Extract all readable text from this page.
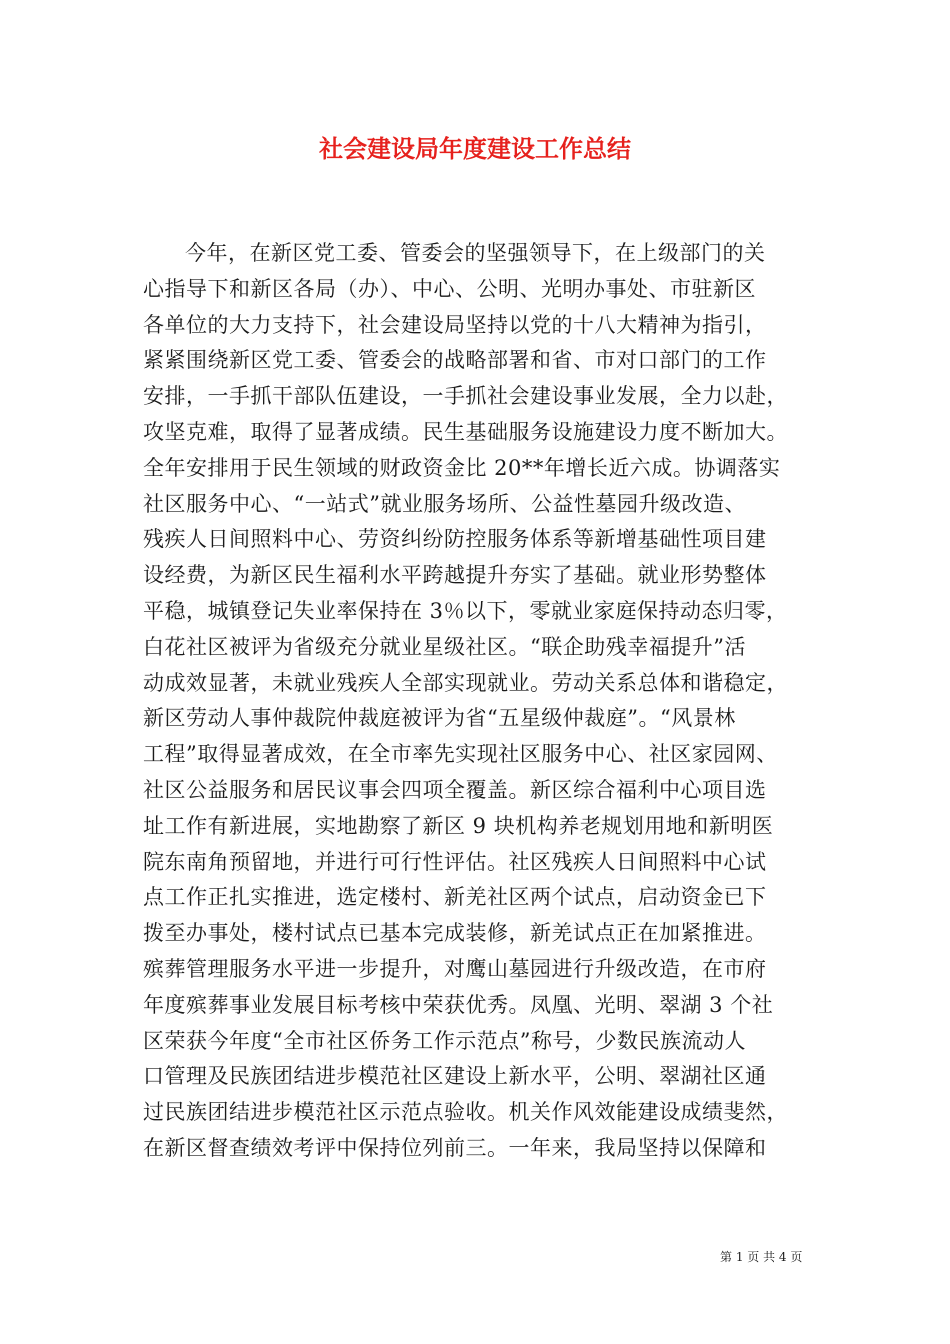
社会建设局年度建设工作总结
今年，在新区党工委、管委会的坚强领导下，在上级部门的关
心指导下和新区各局（办）、中心、公明、光明办事处、市驻新区
各单位的大力支持下，社会建设局坚持以党的十八大精神为指引，
紧紧围绕新区党工委、管委会的战略部署和省、市对口部门的工作
安排，一手抓干部队伍建设，一手抓社会建设事业发展，全力以赴，
攻坚克难，取得了显著成绩。民生基础服务设施建设力度不断加大。
全年安排用于民生领域的财政资金比 20**年增长近六成。协调落实
社区服务中心、“一站式”就业服务场所、公益性墓园升级改造、
残疾人日间照料中心、劳资纠纷防控服务体系等新增基础性项目建
设经费，为新区民生福利水平跨越提升夯实了基础。就业形势整体
平稳，城镇登记失业率保持在 3％以下，零就业家庭保持动态归零，
白花社区被评为省级充分就业星级社区。“联企助残幸福提升”活
动成效显著，未就业残疾人全部实现就业。劳动关系总体和谐稳定，
新区劳动人事仲裁院仲裁庭被评为省“五星级仲裁庭”。“风景林
工程”取得显著成效，在全市率先实现社区服务中心、社区家园网、
社区公益服务和居民议事会四项全覆盖。新区综合福利中心项目选
址工作有新进展，实地勘察了新区 9 块机构养老规划用地和新明医
院东南角预留地，并进行可行性评估。社区残疾人日间照料中心试
点工作正扎实推进，选定楼村、新羌社区两个试点，启动资金已下
拨至办事处，楼村试点已基本完成装修，新羌试点正在加紧推进。
殡葬管理服务水平进一步提升，对鹰山墓园进行升级改造，在市府
年度殡葬事业发展目标考核中荣获优秀。凤凰、光明、翠湖 3 个社
区荣获今年度“全市社区侨务工作示范点”称号，少数民族流动人
口管理及民族团结进步模范社区建设上新水平，公明、翠湖社区通
过民族团结进步模范社区示范点验收。机关作风效能建设成绩斐然，
在新区督查绩效考评中保持位列前三。一年来，我局坚持以保障和
第 1 页 共 4 页
